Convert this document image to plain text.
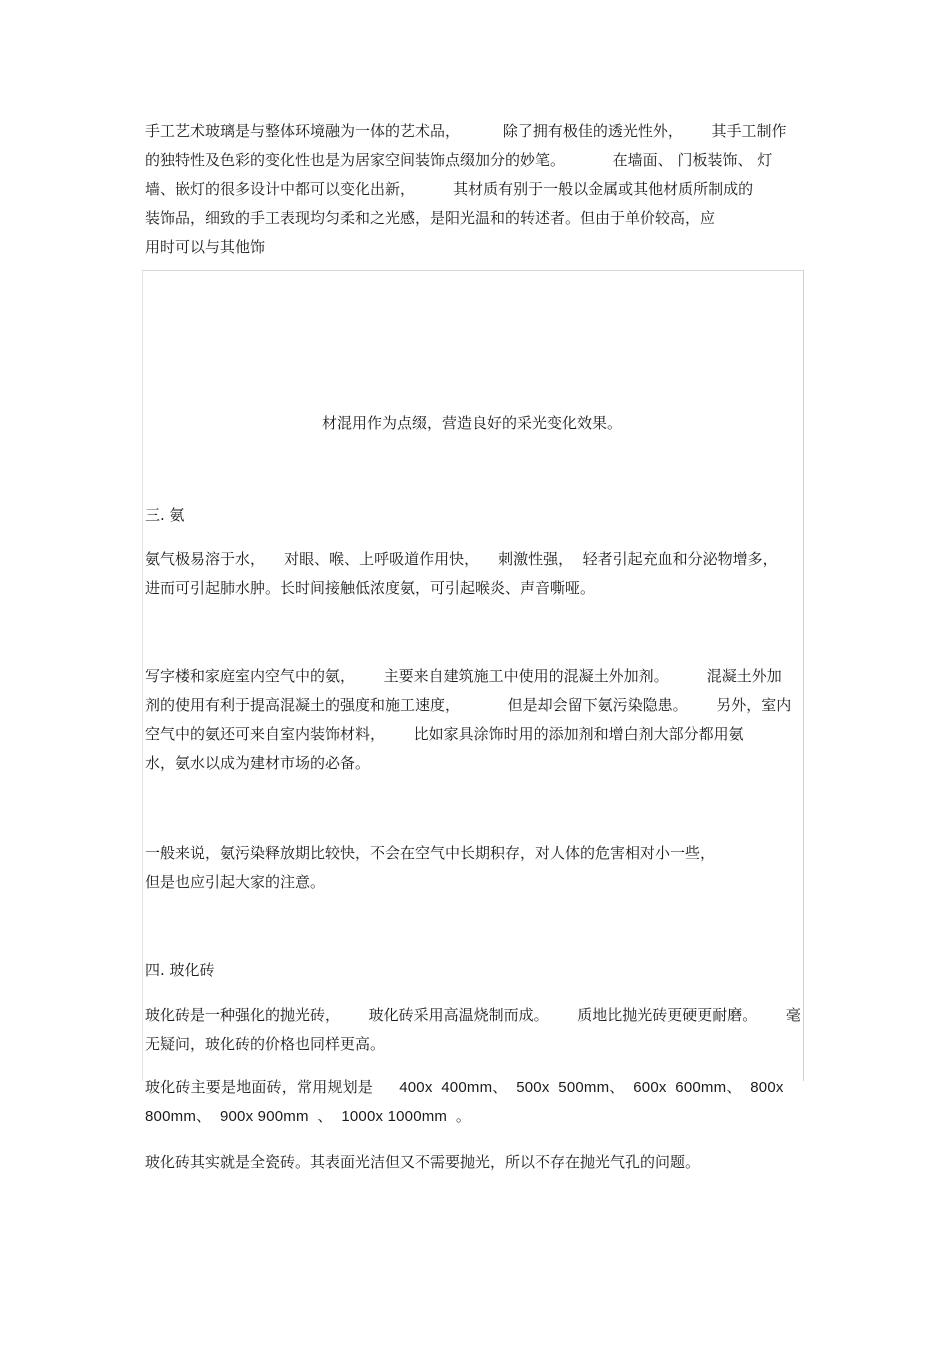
手工艺术玻璃是与整体环境融为一体的艺术品，         除了拥有极佳的透光性外，      其手工制作

的独特性及色彩的变化性也是为居家空间装饰点缀加分的妙笔。          在墙面、 门板装饰、 灯

墙、嵌灯的很多设计中都可以变化出新，        其材质有别于一般以金属或其他材质所制成的

装饰品，细致的手工表现均匀柔和之光感，是阳光温和的转述者。但由于单价较高，应

用时可以与其他饰

材混用作为点缀，营造良好的采光变化效果。

三. 氨

氨气极易溶于水，    对眼、喉、上呼吸道作用快，    刺激性强，  轻者引起充血和分泌物增多，

进而可引起肺水肿。长时间接触低浓度氨，可引起喉炎、声音嘶哑。

写字楼和家庭室内空气中的氨，      主要来自建筑施工中使用的混凝土外加剂。        混凝土外加

剂的使用有利于提高混凝土的强度和施工速度，          但是却会留下氨污染隐患。      另外，室内

空气中的氨还可来自室内装饰材料，      比如家具涂饰时用的添加剂和增白剂大部分都用氨

水，氨水以成为建材市场的必备。

一般来说，氨污染释放期比较快，不会在空气中长期积存，对人体的危害相对小一些，

但是也应引起大家的注意。

四. 玻化砖

玻化砖是一种强化的抛光砖，      玻化砖采用高温烧制而成。      质地比抛光砖更硬更耐磨。      毫

无疑问，玻化砖的价格也同样更高。

玻化砖主要是地面砖，常用规划是      400x  400mm、  500x  500mm、  600x  600mm、  800x

800mm、  900x 900mm  、  1000x 1000mm  。

玻化砖其实就是全瓷砖。其表面光洁但又不需要抛光，所以不存在抛光气孔的问题。
